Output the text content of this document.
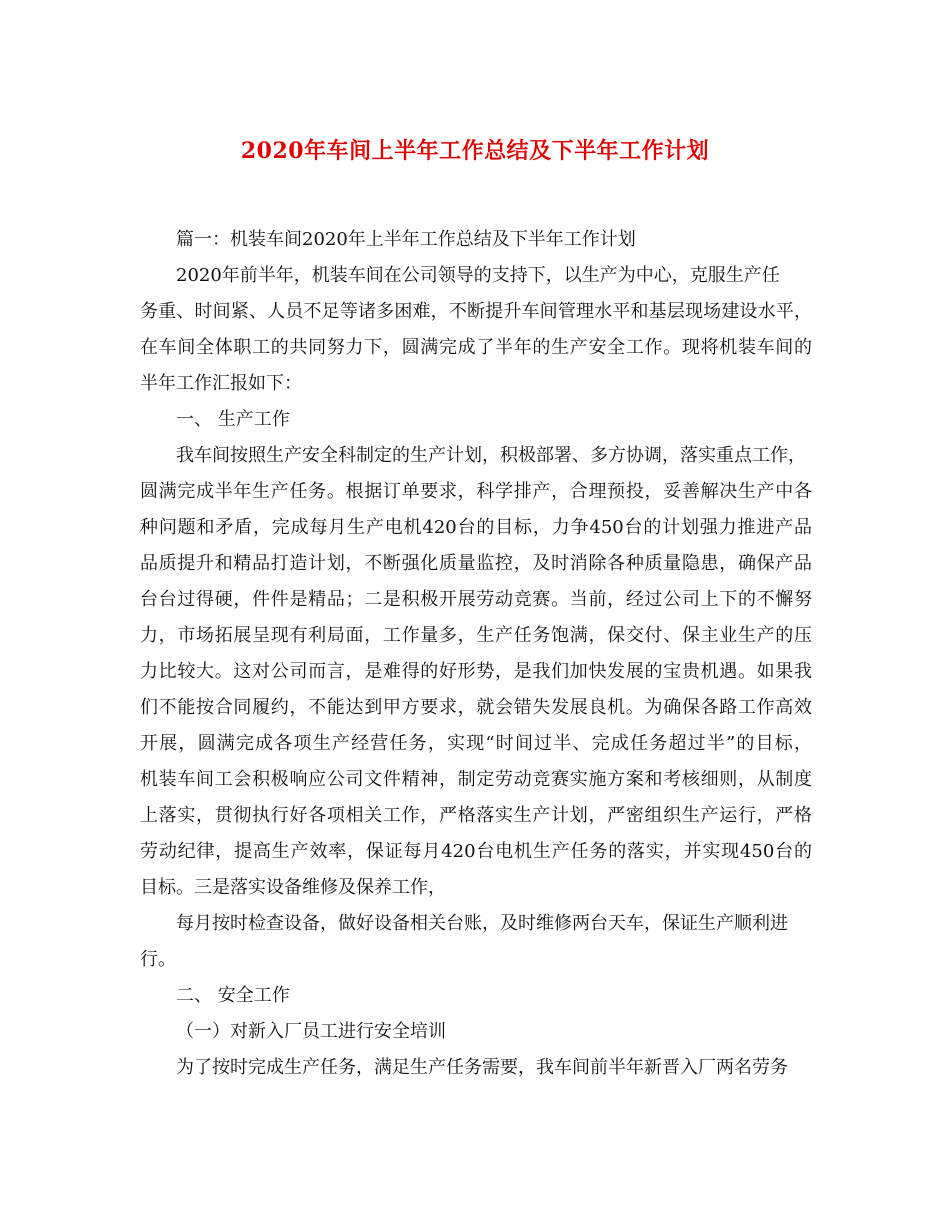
2020年车间上半年工作总结及下半年工作计划
篇一：机装车间2020年上半年工作总结及下半年工作计划
2020年前半年，机装车间在公司领导的支持下，以生产为中心，克服生产任
务重、时间紧、人员不足等诸多困难，不断提升车间管理水平和基层现场建设水平，
在车间全体职工的共同努力下，圆满完成了半年的生产安全工作。现将机装车间的
半年工作汇报如下：
一、 生产工作
我车间按照生产安全科制定的生产计划，积极部署、多方协调，落实重点工作，
圆满完成半年生产任务。根据订单要求，科学排产，合理预投，妥善解决生产中各
种问题和矛盾，完成每月生产电机420台的目标，力争450台的计划强力推进产品
品质提升和精品打造计划，不断强化质量监控，及时消除各种质量隐患，确保产品
台台过得硬，件件是精品；二是积极开展劳动竞赛。当前，经过公司上下的不懈努
力，市场拓展呈现有利局面，工作量多，生产任务饱满，保交付、保主业生产的压
力比较大。这对公司而言，是难得的好形势，是我们加快发展的宝贵机遇。如果我
们不能按合同履约，不能达到甲方要求，就会错失发展良机。为确保各路工作高效
开展，圆满完成各项生产经营任务，实现“时间过半、完成任务超过半”的目标，
机装车间工会积极响应公司文件精神，制定劳动竞赛实施方案和考核细则，从制度
上落实，贯彻执行好各项相关工作，严格落实生产计划，严密组织生产运行，严格
劳动纪律，提高生产效率，保证每月420台电机生产任务的落实，并实现450台的
目标。三是落实设备维修及保养工作，
每月按时检查设备，做好设备相关台账，及时维修两台天车，保证生产顺利进
行。
二、 安全工作
（一）对新入厂员工进行安全培训
为了按时完成生产任务，满足生产任务需要，我车间前半年新晋入厂两名劳务
